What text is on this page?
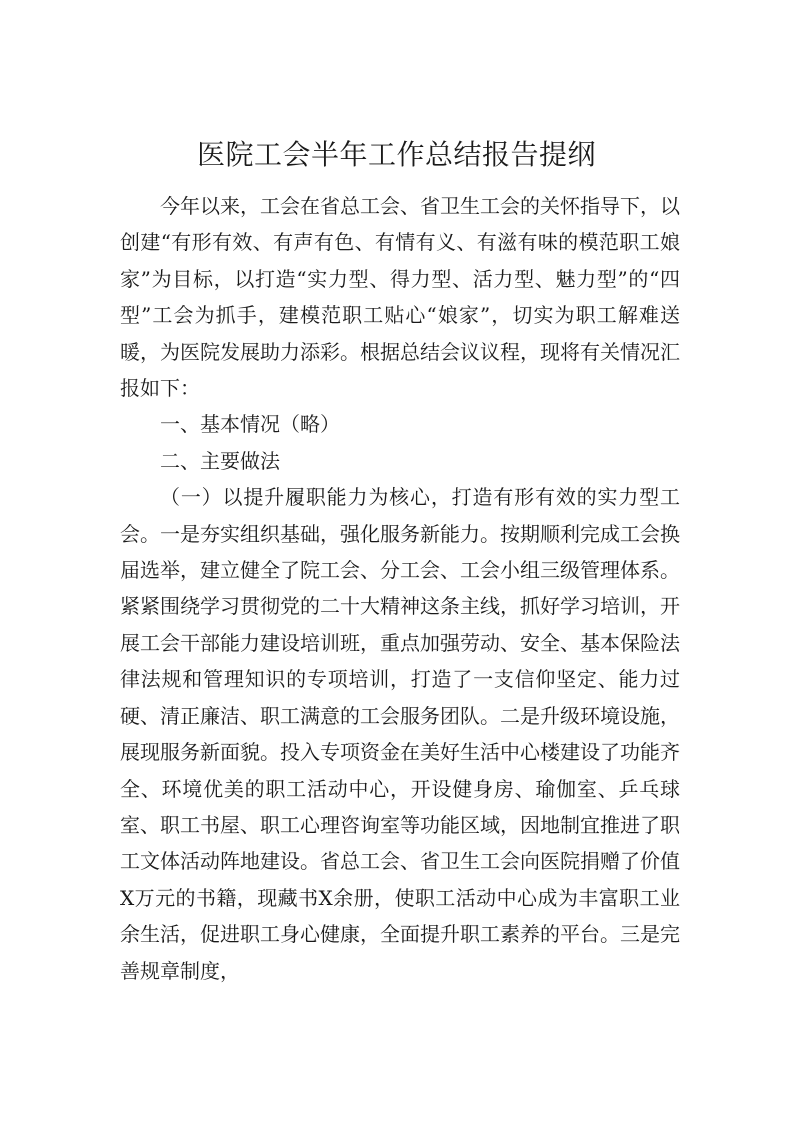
医院工会半年工作总结报告提纲

今年以来，工会在省总工会、省卫生工会的关怀指导下，以创建“有形有效、有声有色、有情有义、有滋有味的模范职工娘家”为目标，以打造“实力型、得力型、活力型、魅力型”的“四型”工会为抓手，建模范职工贴心“娘家”，切实为职工解难送暖，为医院发展助力添彩。根据总结会议议程，现将有关情况汇报如下：

一、基本情况（略）

二、主要做法

（一）以提升履职能力为核心，打造有形有效的实力型工会。一是夯实组织基础，强化服务新能力。按期顺利完成工会换届选举，建立健全了院工会、分工会、工会小组三级管理体系。紧紧围绕学习贯彻党的二十大精神这条主线，抓好学习培训，开展工会干部能力建设培训班，重点加强劳动、安全、基本保险法律法规和管理知识的专项培训，打造了一支信仰坚定、能力过硬、清正廉洁、职工满意的工会服务团队。二是升级环境设施，展现服务新面貌。投入专项资金在美好生活中心楼建设了功能齐全、环境优美的职工活动中心，开设健身房、瑜伽室、乒乓球室、职工书屋、职工心理咨询室等功能区域，因地制宜推进了职工文体活动阵地建设。省总工会、省卫生工会向医院捐赠了价值X万元的书籍，现藏书X余册，使职工活动中心成为丰富职工业余生活，促进职工身心健康，全面提升职工素养的平台。三是完善规章制度，
